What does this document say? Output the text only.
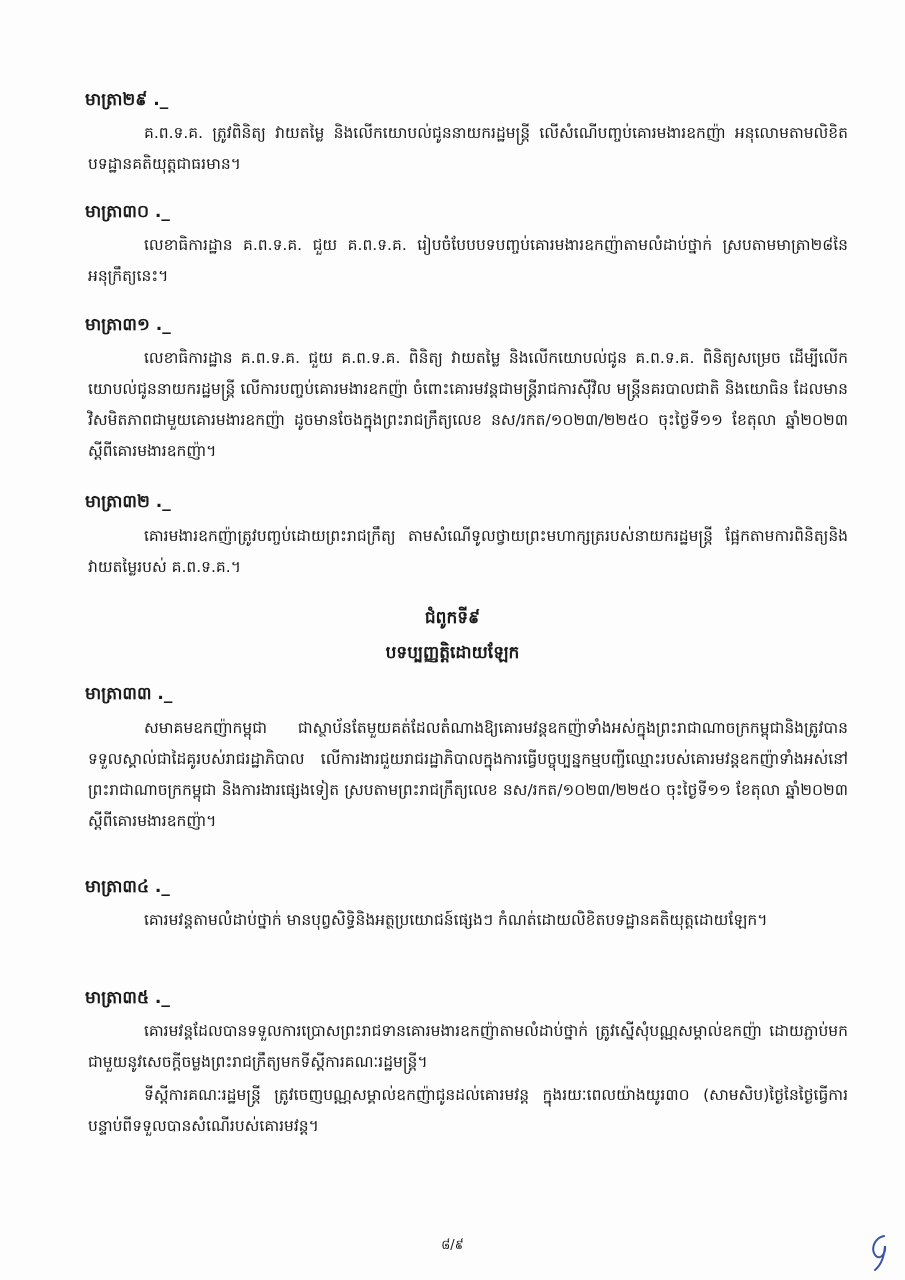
មាត្រា២៩ ._
គ.ព.ទ.គ. ត្រូវពិនិត្យ វាយតម្លៃ និងលើកយោបល់ជូននាយករដ្ឋមន្ត្រី លើសំណើបញ្ចប់គោរមងារឧកញ៉ា អនុលោមតាមលិខិតបទដ្ឋានគតិយុត្តជាធរមាន។
មាត្រា៣០ ._
លេខាធិការដ្ឋាន គ.ព.ទ.គ. ជួយ គ.ព.ទ.គ. រៀបចំបែបបទបញ្ចប់គោរមងារឧកញ៉ាតាមលំដាប់ថ្នាក់ ស្របតាមមាត្រា២៨នៃអនុក្រឹត្យនេះ។
មាត្រា៣១ ._
លេខាធិការដ្ឋាន គ.ព.ទ.គ. ជួយ គ.ព.ទ.គ. ពិនិត្យ វាយតម្លៃ និងលើកយោបល់ជូន គ.ព.ទ.គ. ពិនិត្យសម្រេច ដើម្បីលើកយោបល់ជូននាយករដ្ឋមន្ត្រី លើការបញ្ចប់គោរមងារឧកញ៉ា ចំពោះគោរមវន្តជាមន្ត្រីរាជការស៊ីវិល មន្ត្រីនគរបាលជាតិ និងយោធិន ដែលមានវិសមិតភាពជាមួយគោរមងារឧកញ៉ា ដូចមានចែងក្នុងព្រះរាជក្រឹត្យលេខ នស/រកត/១០២៣/២២៥០ ចុះថ្ងៃទី១១ ខែតុលា ឆ្នាំ២០២៣ ស្តីពីគោរមងារឧកញ៉ា។
មាត្រា៣២ ._
គោរមងារឧកញ៉ាត្រូវបញ្ចប់ដោយព្រះរាជក្រឹត្យ តាមសំណើទូលថ្វាយព្រះមហាក្សត្ររបស់នាយករដ្ឋមន្ត្រី ផ្អែកតាមការពិនិត្យនិងវាយតម្លៃរបស់ គ.ព.ទ.គ.។
ជំពូកទី៩
បទប្បញ្ញត្តិដោយឡែក
មាត្រា៣៣ ._
សមាគមឧកញ៉ាកម្ពុជា ជាស្ថាប័នតែមួយគត់ដែលតំណាងឱ្យគោរមវន្តឧកញ៉ាទាំងអស់ក្នុងព្រះរាជាណាចក្រកម្ពុជានិងត្រូវបានទទួលស្គាល់ជាដៃគូរបស់រាជរដ្ឋាភិបាល លើការងារជួយរាជរដ្ឋាភិបាលក្នុងការធ្វើបច្ចុប្បន្នកម្មបញ្ជីឈ្មោះរបស់គោរមវន្តឧកញ៉ាទាំងអស់នៅព្រះរាជាណាចក្រកម្ពុជា និងការងារផ្សេងទៀត ស្របតាមព្រះរាជក្រឹត្យលេខ នស/រកត/១០២៣/២២៥០ ចុះថ្ងៃទី១១ ខែតុលា ឆ្នាំ២០២៣ ស្តីពីគោរមងារឧកញ៉ា។
មាត្រា៣៤ ._
គោរមវន្តតាមលំដាប់ថ្នាក់ មានបុព្វសិទ្ធិនិងអត្ថប្រយោជន៍ផ្សេងៗ កំណត់ដោយលិខិតបទដ្ឋានគតិយុត្តដោយឡែក។
មាត្រា៣៥ ._
គោរមវន្តដែលបានទទួលការប្រោសព្រះរាជទានគោរមងារឧកញ៉ាតាមលំដាប់ថ្នាក់ ត្រូវស្នើសុំបណ្ណសម្គាល់ឧកញ៉ា ដោយភ្ជាប់មកជាមួយនូវសេចក្តីចម្លងព្រះរាជក្រឹត្យមកទីស្តីការគណៈរដ្ឋមន្ត្រី។
ទីស្តីការគណៈរដ្ឋមន្ត្រី ត្រូវចេញបណ្ណសម្គាល់ឧកញ៉ាជូនដល់គោរមវន្ត ក្នុងរយៈពេលយ៉ាងយូរ៣០ (សាមសិប)ថ្ងៃនៃថ្ងៃធ្វើការ បន្ទាប់ពីទទួលបានសំណើរបស់គោរមវន្ត។
៨/៩
